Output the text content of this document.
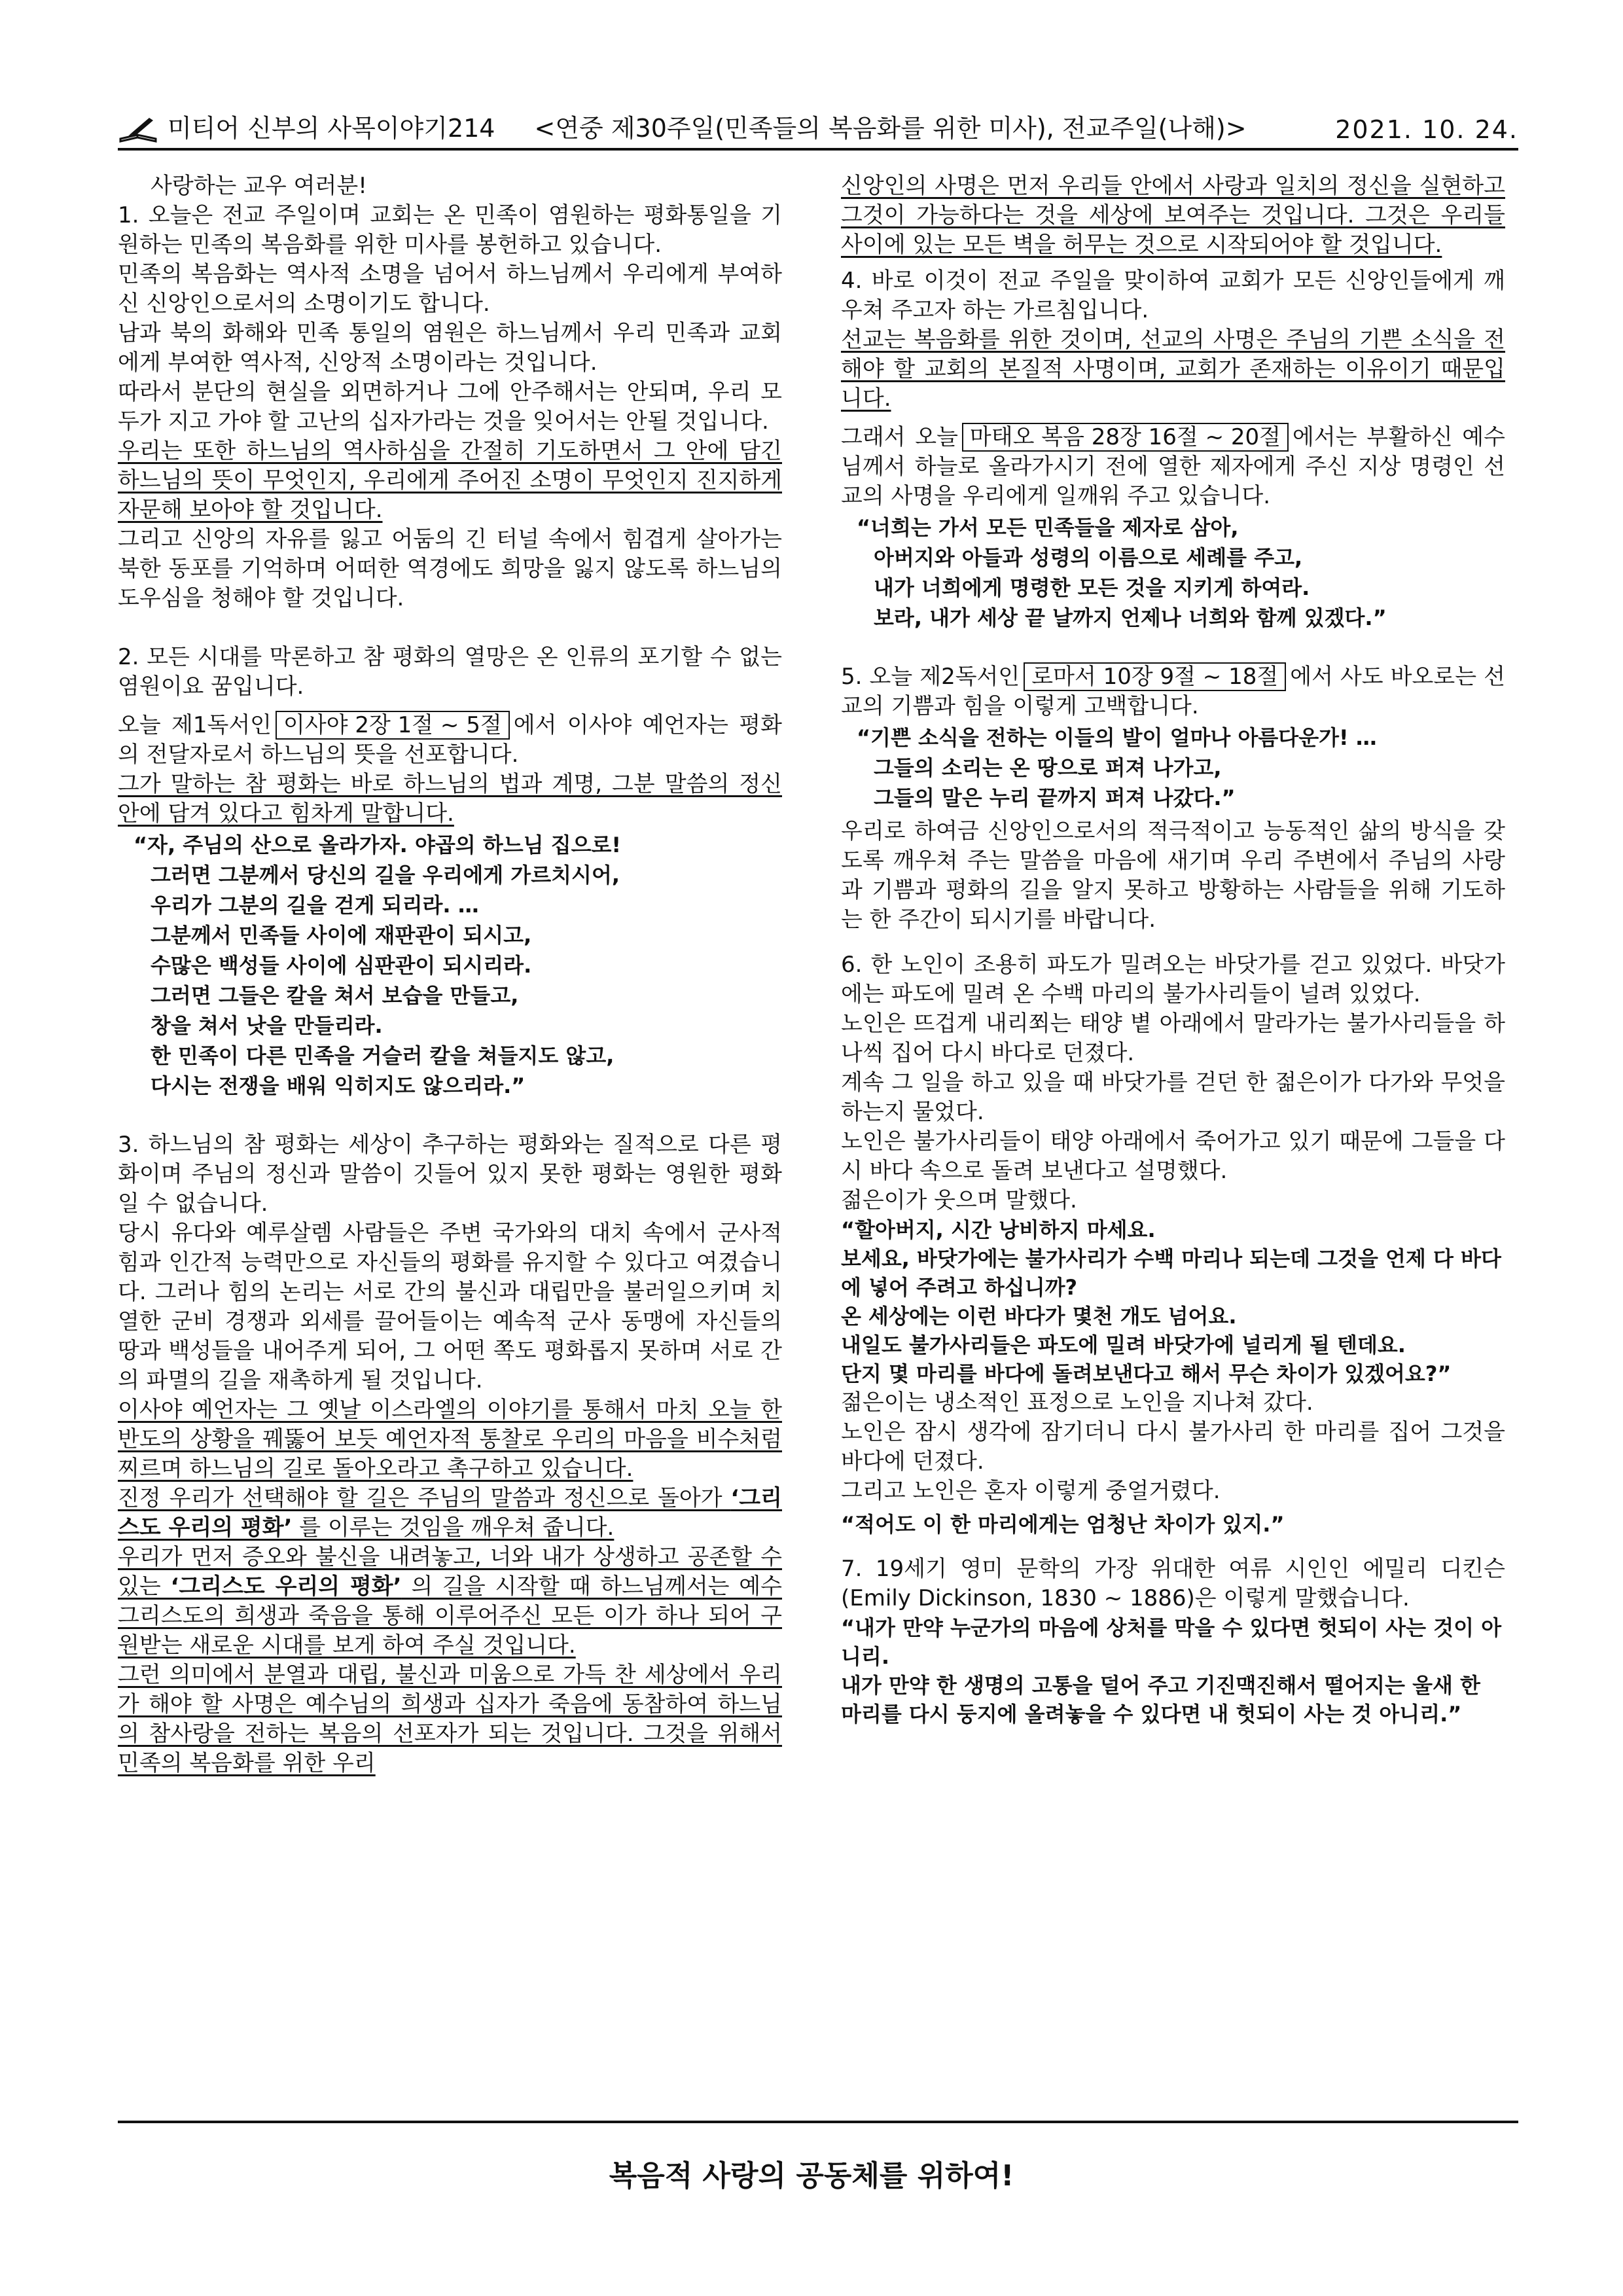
미티어 신부의 사목이야기214 <연중 제30주일(민족들의 복음화를 위한 미사), 전교주일(나해)>	2021. 10. 24.

사랑하는 교우 여러분!

1. 오늘은 전교 주일이며 교회는 온 민족이 염원하는 평화통일을 기원하는 민족의 복음화를 위한 미사를 봉헌하고 있습니다.

민족의 복음화는 역사적 소명을 넘어서 하느님께서 우리에게 부여하신 신앙인으로서의 소명이기도 합니다.

남과 북의 화해와 민족 통일의 염원은 하느님께서 우리 민족과 교회에게 부여한 역사적, 신앙적 소명이라는 것입니다.

따라서 분단의 현실을 외면하거나 그에 안주해서는 안되며, 우리 모두가 지고 가야 할 고난의 십자가라는 것을 잊어서는 안될 것입니다.

우리는 또한 하느님의 역사하심을 간절히 기도하면서 그 안에 담긴 하느님의 뜻이 무엇인지, 우리에게 주어진 소명이 무엇인지 진지하게 자문해 보아야 할 것입니다.

그리고 신앙의 자유를 잃고 어둠의 긴 터널 속에서 힘겹게 살아가는 북한 동포를 기억하며 어떠한 역경에도 희망을 잃지 않도록 하느님의 도우심을 청해야 할 것입니다.

2. 모든 시대를 막론하고 참 평화의 열망은 온 인류의 포기할 수 없는 염원이요 꿈입니다.

오늘 제1독서인 이사야 2장 1절 ~ 5절 에서 이사야 예언자는 평화의 전달자로서 하느님의 뜻을 선포합니다.

그가 말하는 참 평화는 바로 하느님의 법과 계명, 그분 말씀의 정신 안에 담겨 있다고 힘차게 말합니다.

“자, 주님의 산으로 올라가자. 야곱의 하느님 집으로!
그러면 그분께서 당신의 길을 우리에게 가르치시어,
우리가 그분의 길을 걷게 되리라. …
그분께서 민족들 사이에 재판관이 되시고,
수많은 백성들 사이에 심판관이 되시리라.
그러면 그들은 칼을 쳐서 보습을 만들고,
창을 쳐서 낫을 만들리라.
한 민족이 다른 민족을 거슬러 칼을 쳐들지도 않고,
다시는 전쟁을 배워 익히지도 않으리라.”

3. 하느님의 참 평화는 세상이 추구하는 평화와는 질적으로 다른 평화이며 주님의 정신과 말씀이 깃들어 있지 못한 평화는 영원한 평화일 수 없습니다.

당시 유다와 예루살렘 사람들은 주변 국가와의 대치 속에서 군사적 힘과 인간적 능력만으로 자신들의 평화를 유지할 수 있다고 여겼습니다. 그러나 힘의 논리는 서로 간의 불신과 대립만을 불러일으키며 치열한 군비 경쟁과 외세를 끌어들이는 예속적 군사 동맹에 자신들의 땅과 백성들을 내어주게 되어, 그 어떤 쪽도 평화롭지 못하며 서로 간의 파멸의 길을 재촉하게 될 것입니다.

이사야 예언자는 그 옛날 이스라엘의 이야기를 통해서 마치 오늘 한반도의 상황을 꿰뚫어 보듯 예언자적 통찰로 우리의 마음을 비수처럼 찌르며 하느님의 길로 돌아오라고 촉구하고 있습니다.

진정 우리가 선택해야 할 길은 주님의 말씀과 정신으로 돌아가 ‘그리스도 우리의 평화’ 를 이루는 것임을 깨우쳐 줍니다.

우리가 먼저 증오와 불신을 내려놓고, 너와 내가 상생하고 공존할 수 있는 ‘그리스도 우리의 평화’ 의 길을 시작할 때 하느님께서는 예수 그리스도의 희생과 죽음을 통해 이루어주신 모든 이가 하나 되어 구원받는 새로운 시대를 보게 하여 주실 것입니다.

그런 의미에서 분열과 대립, 불신과 미움으로 가득 찬 세상에서 우리가 해야 할 사명은 예수님의 희생과 십자가 죽음에 동참하여 하느님의 참사랑을 전하는 복음의 선포자가 되는 것입니다. 그것을 위해서 민족의 복음화를 위한 우리

신앙인의 사명은 먼저 우리들 안에서 사랑과 일치의 정신을 실현하고 그것이 가능하다는 것을 세상에 보여주는 것입니다. 그것은 우리들 사이에 있는 모든 벽을 허무는 것으로 시작되어야 할 것입니다.

4. 바로 이것이 전교 주일을 맞이하여 교회가 모든 신앙인들에게 깨우쳐 주고자 하는 가르침입니다.

선교는 복음화를 위한 것이며, 선교의 사명은 주님의 기쁜 소식을 전해야 할 교회의 본질적 사명이며, 교회가 존재하는 이유이기 때문입니다.

그래서 오늘 마태오 복음 28장 16절 ~ 20절 에서는 부활하신 예수님께서 하늘로 올라가시기 전에 열한 제자에게 주신 지상 명령인 선교의 사명을 우리에게 일깨워 주고 있습니다.

“너희는 가서 모든 민족들을 제자로 삼아,
아버지와 아들과 성령의 이름으로 세례를 주고,
내가 너희에게 명령한 모든 것을 지키게 하여라.
보라, 내가 세상 끝 날까지 언제나 너희와 함께 있겠다.”

5. 오늘 제2독서인 로마서 10장 9절 ~ 18절 에서 사도 바오로는 선교의 기쁨과 힘을 이렇게 고백합니다.

“기쁜 소식을 전하는 이들의 발이 얼마나 아름다운가! …
그들의 소리는 온 땅으로 퍼져 나가고,
그들의 말은 누리 끝까지 퍼져 나갔다.”

우리로 하여금 신앙인으로서의 적극적이고 능동적인 삶의 방식을 갖도록 깨우쳐 주는 말씀을 마음에 새기며 우리 주변에서 주님의 사랑과 기쁨과 평화의 길을 알지 못하고 방황하는 사람들을 위해 기도하는 한 주간이 되시기를 바랍니다.

6. 한 노인이 조용히 파도가 밀려오는 바닷가를 걷고 있었다. 바닷가에는 파도에 밀려 온 수백 마리의 불가사리들이 널려 있었다.

노인은 뜨겁게 내리쬐는 태양 볕 아래에서 말라가는 불가사리들을 하나씩 집어 다시 바다로 던졌다.

계속 그 일을 하고 있을 때 바닷가를 걷던 한 젊은이가 다가와 무엇을 하는지 물었다.

노인은 불가사리들이 태양 아래에서 죽어가고 있기 때문에 그들을 다시 바다 속으로 돌려 보낸다고 설명했다.

젊은이가 웃으며 말했다.

“할아버지, 시간 낭비하지 마세요.

보세요, 바닷가에는 불가사리가 수백 마리나 되는데 그것을 언제 다 바다에 넣어 주려고 하십니까?

온 세상에는 이런 바다가 몇천 개도 넘어요.

내일도 불가사리들은 파도에 밀려 바닷가에 널리게 될 텐데요.

단지 몇 마리를 바다에 돌려보낸다고 해서 무슨 차이가 있겠어요?”

젊은이는 냉소적인 표정으로 노인을 지나쳐 갔다.

노인은 잠시 생각에 잠기더니 다시 불가사리 한 마리를 집어 그것을 바다에 던졌다.

그리고 노인은 혼자 이렇게 중얼거렸다.

“적어도 이 한 마리에게는 엄청난 차이가 있지.”

7. 19세기 영미 문학의 가장 위대한 여류 시인인 에밀리 디킨슨(Emily Dickinson, 1830 ~ 1886)은 이렇게 말했습니다.

“내가 만약 누군가의 마음에 상처를 막을 수 있다면 헛되이 사는 것이 아니리.

내가 만약 한 생명의 고통을 덜어 주고 기진맥진해서 떨어지는 울새 한 마리를 다시 둥지에 올려놓을 수 있다면 내 헛되이 사는 것 아니리.”

복음적 사랑의 공동체를 위하여!
